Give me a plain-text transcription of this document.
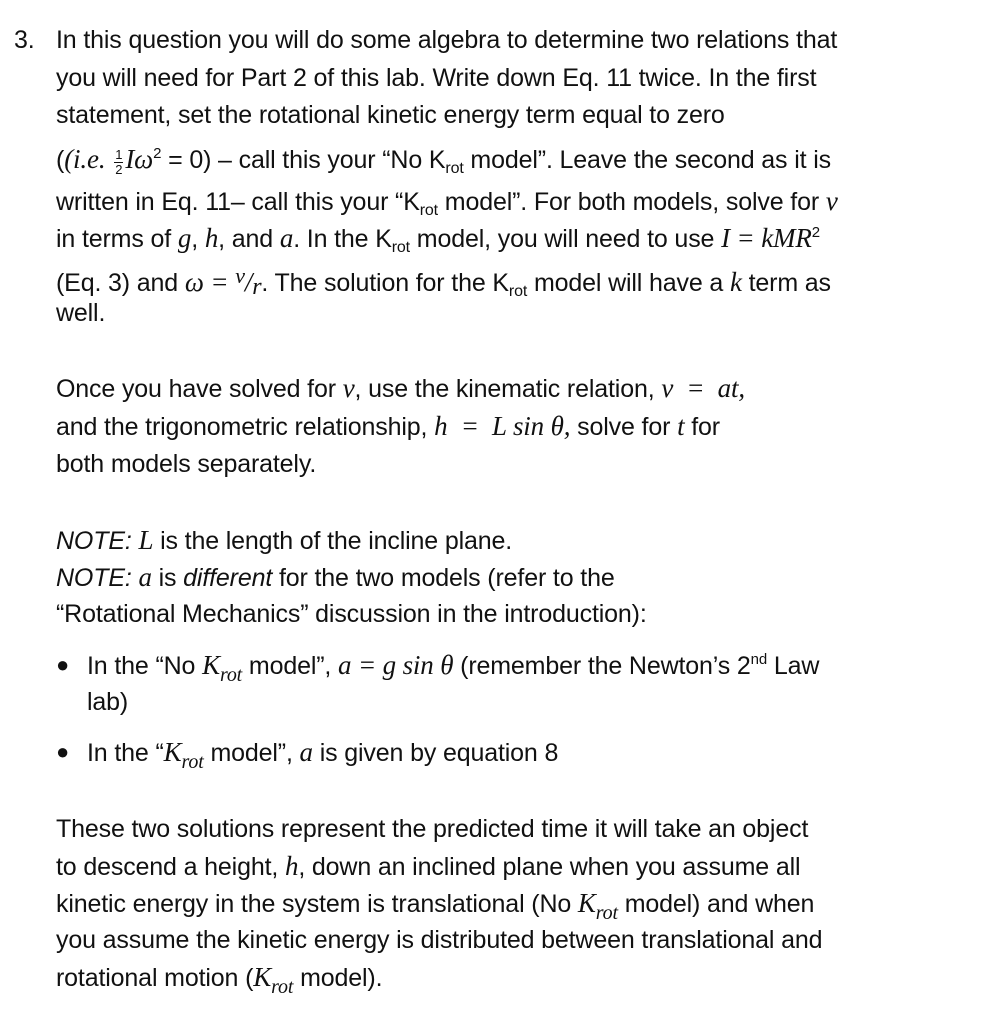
3. In this question you will do some algebra to determine two relations that
you will need for Part 2 of this lab. Write down Eq. 11 twice. In the first
statement, set the rotational kinetic energy term equal to zero
((i.e. $\frac{1}{2} I\omega^2 = 0$) – call this your “No $K_{rot}$ model”. Leave the second as it is
written in Eq. 11– call this your “$K_{rot}$ model”. For both models, solve for v
in terms of g, h, and a. In the $K_{rot}$ model, you will need to use I = kMR$^2$
(Eq. 3) and ω = $^v$/r. The solution for the $K_{rot}$ model will have a k term as
well.
Once you have solved for v, use the kinematic relation, v  =  at,
and the trigonometric relationship, h  =  L sin θ, solve for t for
both models separately.
NOTE: L is the length of the incline plane.
NOTE: a is different for the two models (refer to the
“Rotational Mechanics” discussion in the introduction):
● In the “No $K_{rot}$ model”, a = g sin θ (remember the Newton’s 2nd Law
lab)
● In the “$K_{rot}$ model”, a is given by equation 8
These two solutions represent the predicted time it will take an object
to descend a height, h, down an inclined plane when you assume all
kinetic energy in the system is translational (No $K_{rot}$ model) and when
you assume the kinetic energy is distributed between translational and
rotational motion ($K_{rot}$ model).
